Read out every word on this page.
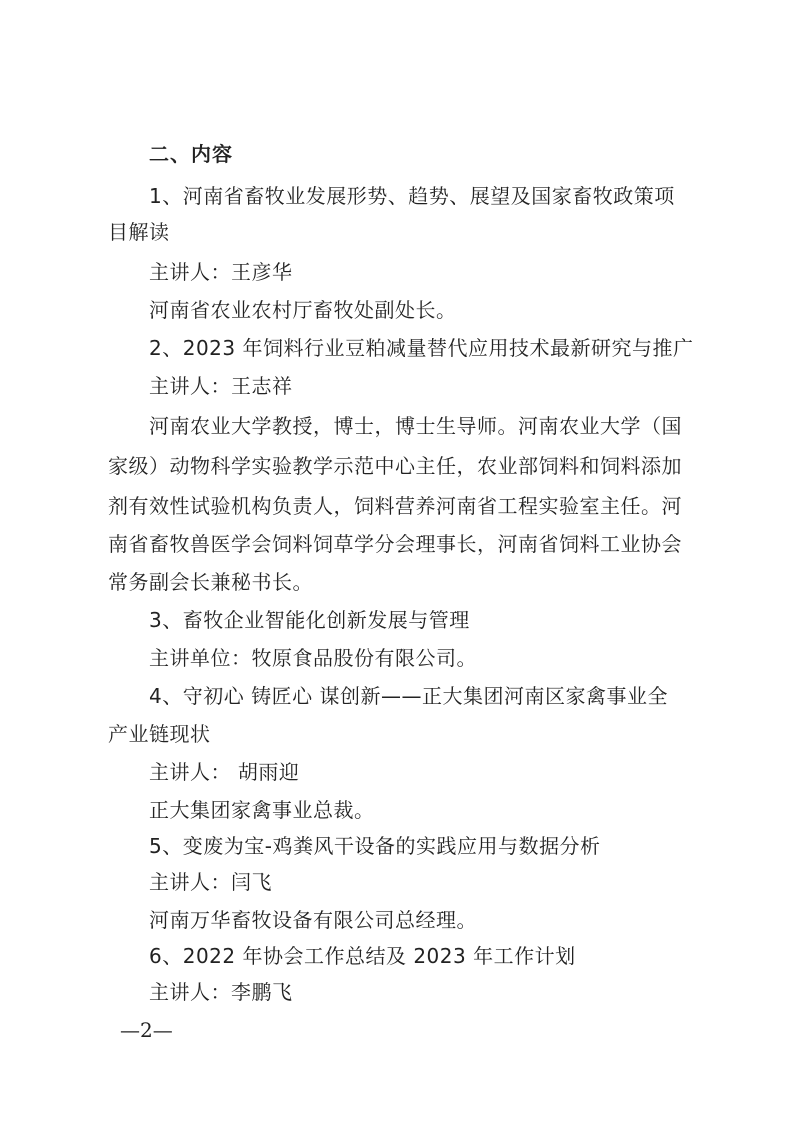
二、内容
1、河南省畜牧业发展形势、趋势、展望及国家畜牧政策项
目解读
主讲人：王彦华
河南省农业农村厅畜牧处副处长。
2、2023 年饲料行业豆粕减量替代应用技术最新研究与推广
主讲人：王志祥
河南农业大学教授，博士，博士生导师。河南农业大学（国
家级）动物科学实验教学示范中心主任，农业部饲料和饲料添加
剂有效性试验机构负责人，饲料营养河南省工程实验室主任。河
南省畜牧兽医学会饲料饲草学分会理事长，河南省饲料工业协会
常务副会长兼秘书长。
3、畜牧企业智能化创新发展与管理
主讲单位：牧原食品股份有限公司。
4、守初心 铸匠心 谋创新——正大集团河南区家禽事业全
产业链现状
主讲人： 胡雨迎
正大集团家禽事业总裁。
5、变废为宝-鸡粪风干设备的实践应用与数据分析
主讲人：闫飞
河南万华畜牧设备有限公司总经理。
6、2022 年协会工作总结及 2023 年工作计划
主讲人：李鹏飞
—2—
